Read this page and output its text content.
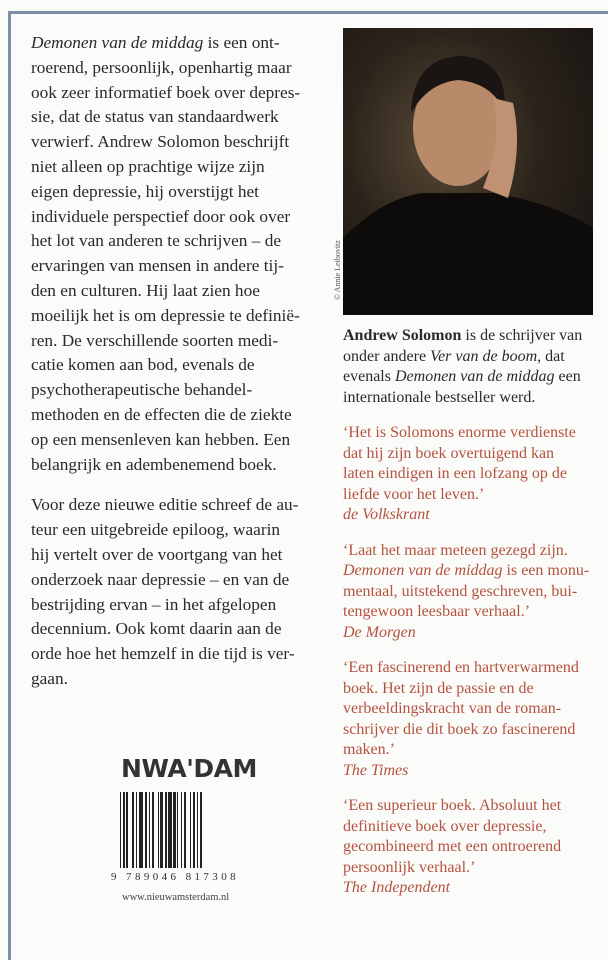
Demonen van de middag is een ont-
roerend, persoonlijk, openhartig maar
ook zeer informatief boek over depres-
sie, dat de status van standaardwerk
verwierf. Andrew Solomon beschrijft
niet alleen op prachtige wijze zijn
eigen depressie, hij overstijgt het
individuele perspectief door ook over
het lot van anderen te schrijven – de
ervaringen van mensen in andere tij-
den en culturen. Hij laat zien hoe
moeilijk het is om depressie te definië-
ren. De verschillende soorten medi-
catie komen aan bod, evenals de
psychotherapeutische behandel-
methoden en de effecten die de ziekte
op een mensenleven kan hebben. Een
belangrijk en adembenemend boek.
Voor deze nieuwe editie schreef de au-
teur een uitgebreide epiloog, waarin
hij vertelt over de voortgang van het
onderzoek naar depressie – en van de
bestrijding ervan – in het afgelopen
decennium. Ook komt daarin aan de
orde hoe het hemzelf in die tijd is ver-
gaan.
© Annie Leibovitz
Andrew Solomon is de schrijver van
onder andere Ver van de boom, dat
evenals Demonen van de middag een
internationale bestseller werd.
‘Het is Solomons enorme verdienste
dat hij zijn boek overtuigend kan
laten eindigen in een lofzang op de
liefde voor het leven.’
de Volkskrant
‘Laat het maar meteen gezegd zijn.
Demonen van de middag is een monu-
mentaal, uitstekend geschreven, bui-
tengewoon leesbaar verhaal.’
De Morgen
‘Een fascinerend en hartverwarmend
boek. Het zijn de passie en de
verbeeldingskracht van de roman-
schrijver die dit boek zo fascinerend
maken.’
The Times
‘Een superieur boek. Absoluut het
definitieve boek over depressie,
gecombineerd met een ontroerend
persoonlijk verhaal.’
The Independent
NWA'DAM
9 789046 817308
www.nieuwamsterdam.nl
